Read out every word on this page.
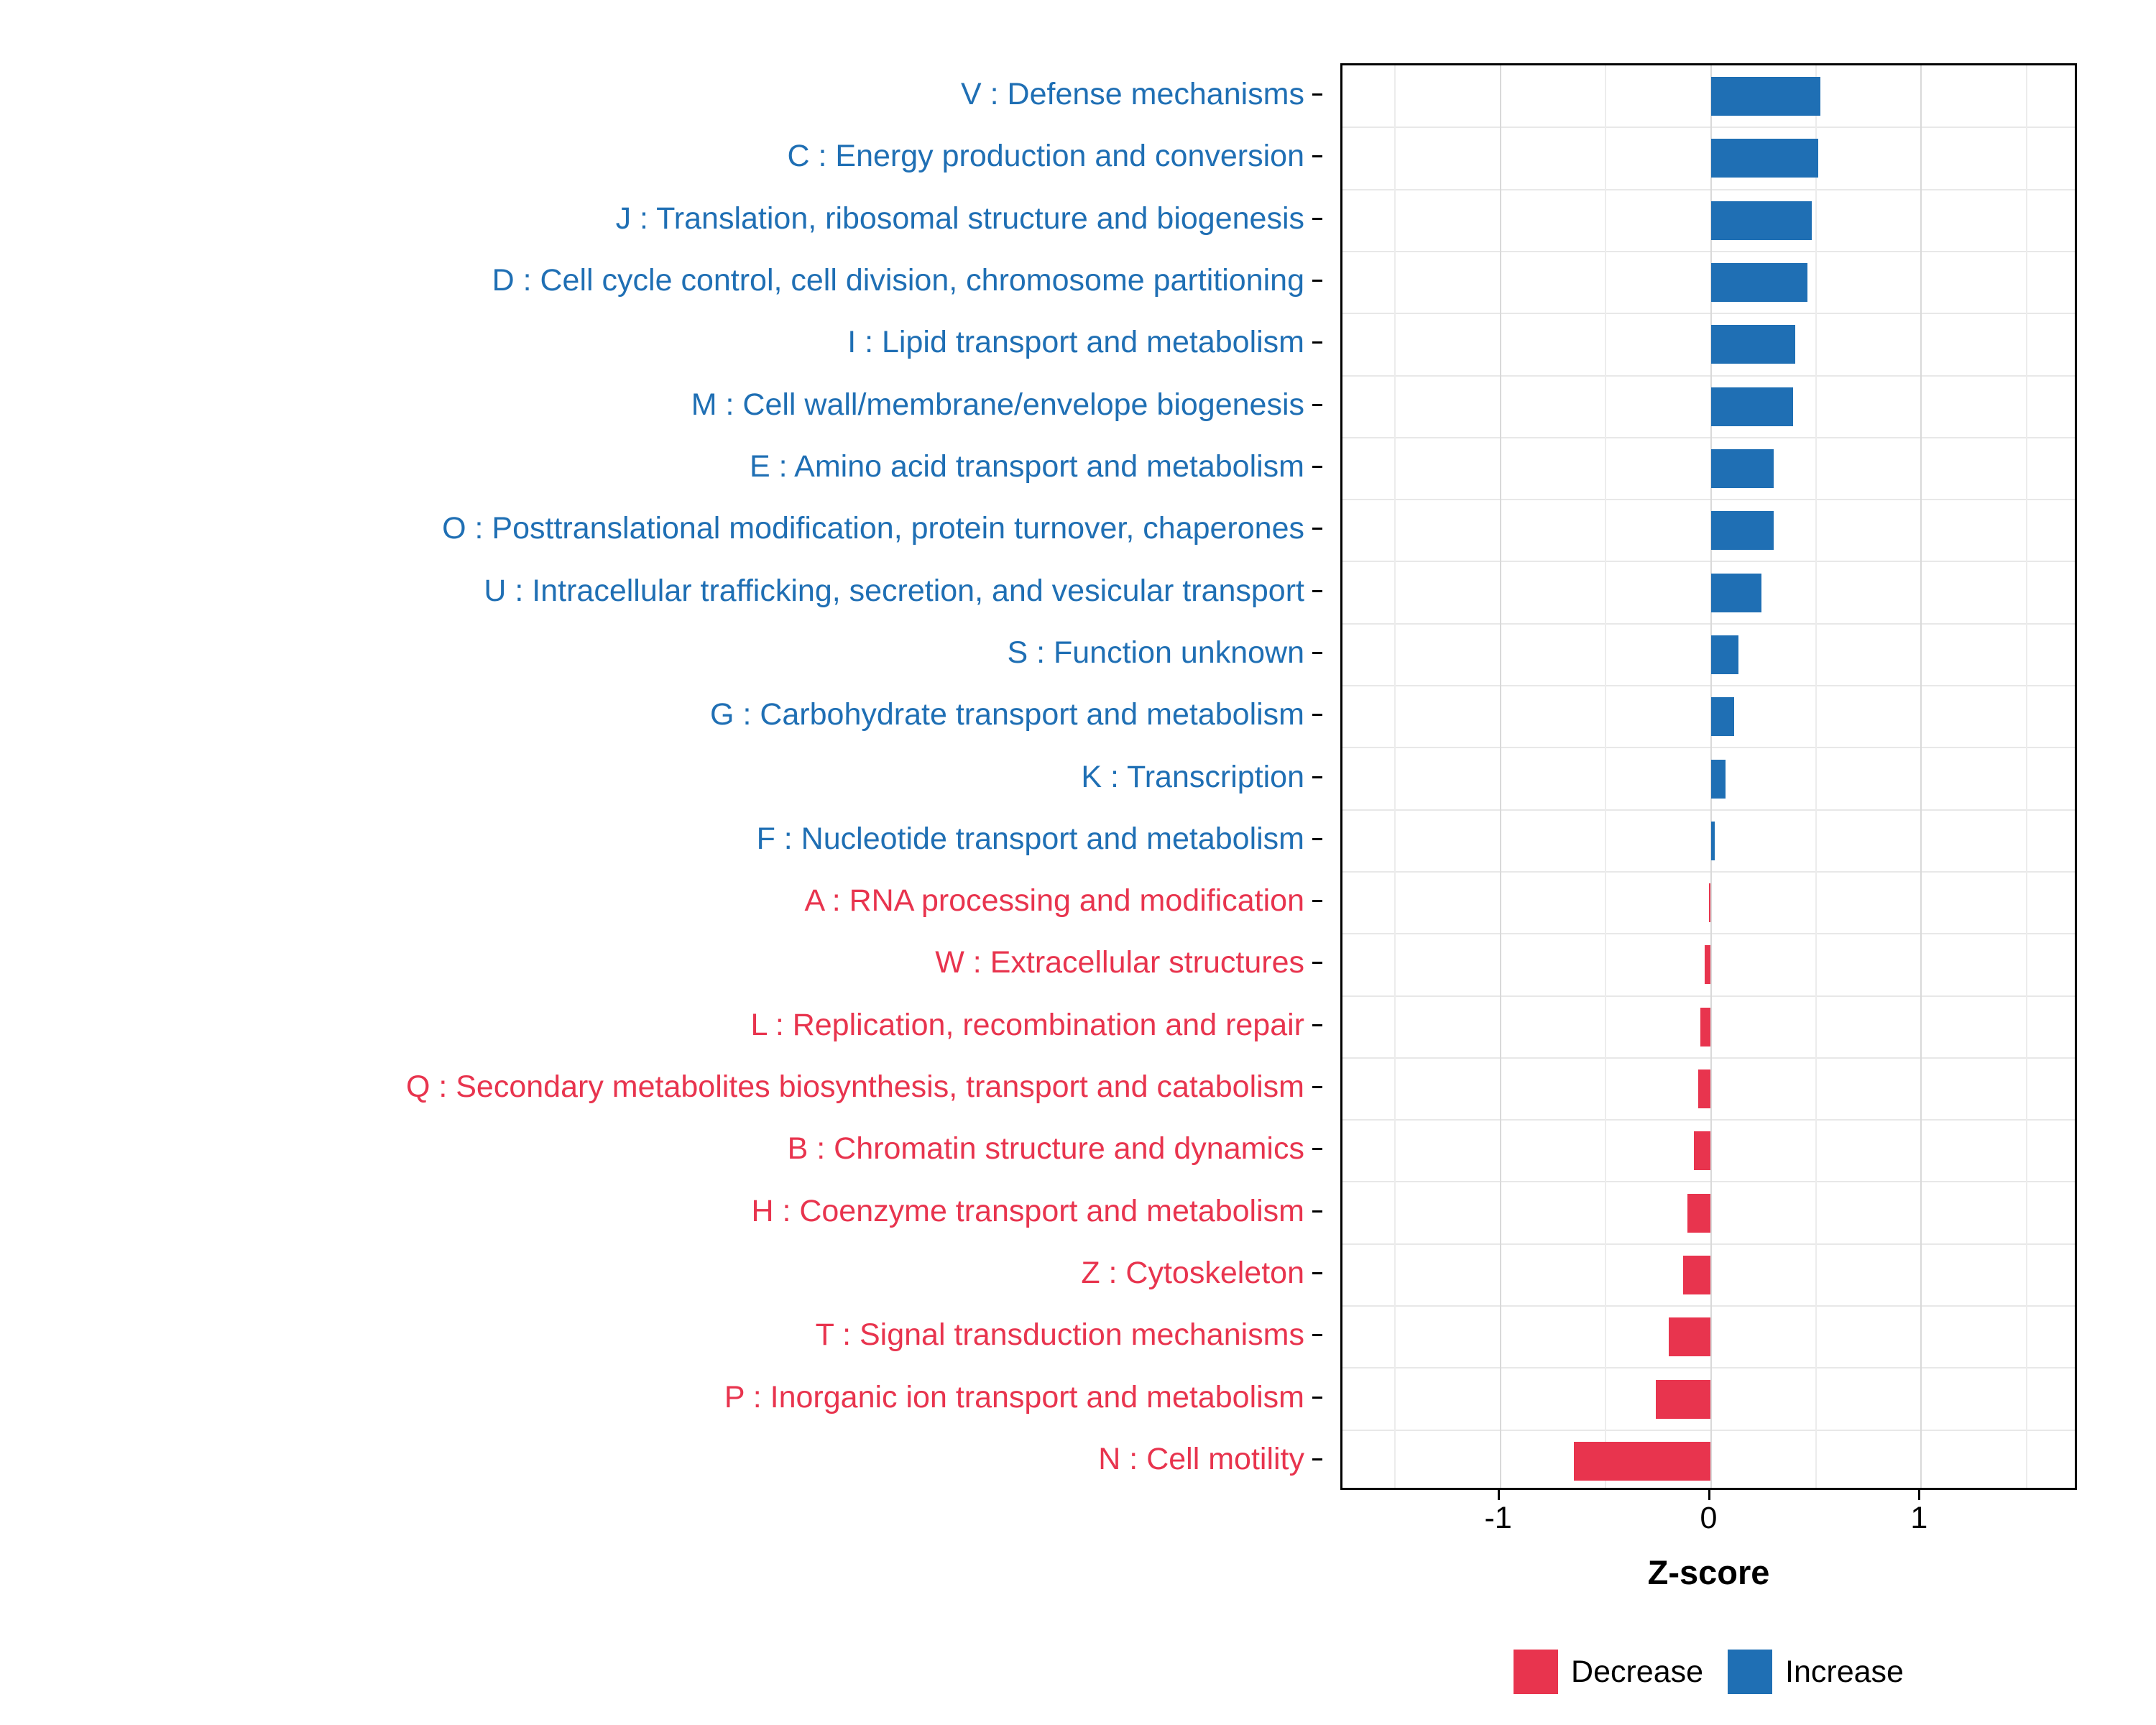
V : Defense mechanisms
C : Energy production and conversion
J : Translation, ribosomal structure and biogenesis
D : Cell cycle control, cell division, chromosome partitioning
I : Lipid transport and metabolism
M : Cell wall/membrane/envelope biogenesis
E : Amino acid transport and metabolism
O : Posttranslational modification, protein turnover, chaperones
U : Intracellular trafficking, secretion, and vesicular transport
S : Function unknown
G : Carbohydrate transport and metabolism
K : Transcription
F : Nucleotide transport and metabolism
A : RNA processing and modification
W : Extracellular structures
L : Replication, recombination and repair
Q : Secondary metabolites biosynthesis, transport and catabolism
B : Chromatin structure and dynamics
H : Coenzyme transport and metabolism
Z : Cytoskeleton
T : Signal transduction mechanisms
P : Inorganic ion transport and metabolism
N : Cell motility
-1	0	1
Z-score
Decrease	Increase
